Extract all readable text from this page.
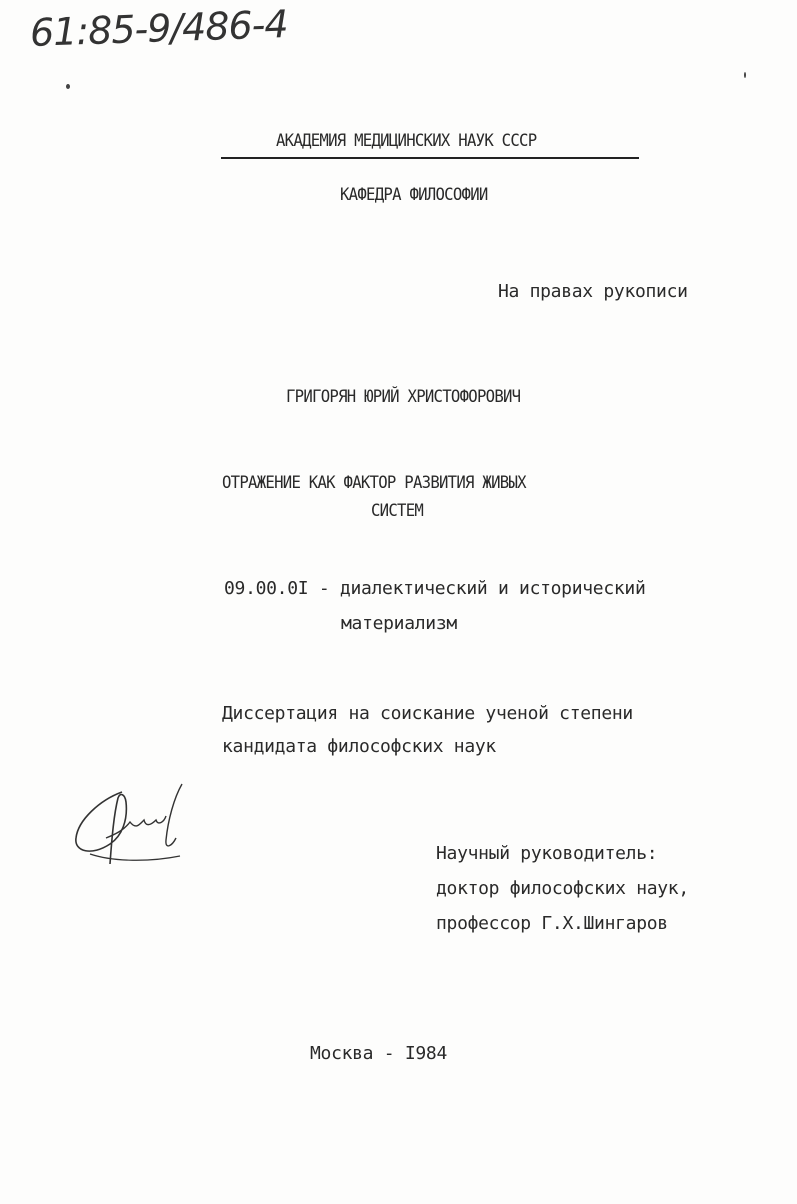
61:85-9/486-4
АКАДЕМИЯ МЕДИЦИНСКИХ НАУК СССР
КАФЕДРА ФИЛОСОФИИ
На правах рукописи
ГРИГОРЯН ЮРИЙ ХРИСТОФОРОВИЧ
ОТРАЖЕНИЕ КАК ФАКТОР РАЗВИТИЯ ЖИВЫХ
СИСТЕМ
09.00.0I - диалектический и исторический
материализм
Диссертация на соискание ученой степени
кандидата философских наук
Научный руководитель:
доктор философских наук,
профессор Г.Х.Шингаров
Москва - I984
